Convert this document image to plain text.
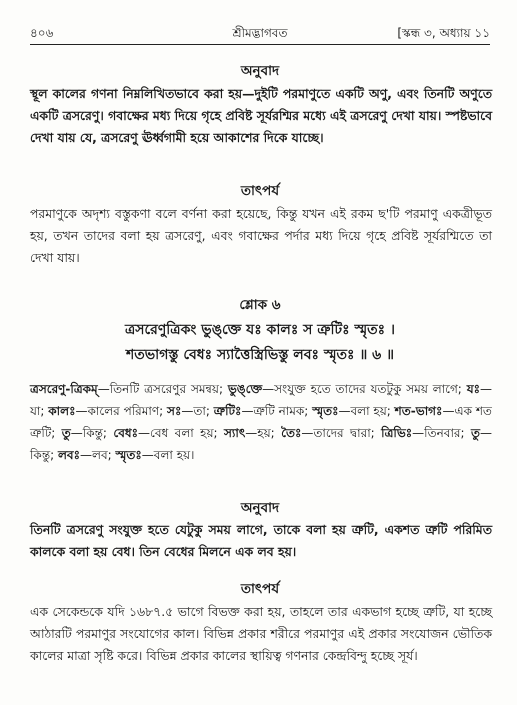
৪০৬	শ্রীমদ্ভাগবত	[স্কন্ধ ৩, অধ্যায় ১১
অনুবাদ
স্থূল কালের গণনা নিম্নলিখিতভাবে করা হয়—দুইটি পরমাণুতে একটি অণু, এবং তিনটি অণুতে একটি ত্রসরেণু। গবাক্ষের মধ্য দিয়ে গৃহে প্রবিষ্ট সূর্যরশ্মির মধ্যে এই ত্রসরেণু দেখা যায়। স্পষ্টভাবে দেখা যায় যে, ত্রসরেণু ঊর্ধ্বগামী হয়ে আকাশের দিকে যাচ্ছে।
তাৎপর্য
পরমাণুকে অদৃশ্য বস্তুকণা বলে বর্ণনা করা হয়েছে, কিন্তু যখন এই রকম ছ'টি পরমাণু একত্রীভূত হয়, তখন তাদের বলা হয় ত্রসরেণু, এবং গবাক্ষের পর্দার মধ্য দিয়ে গৃহে প্রবিষ্ট সূর্যরশ্মিতে তা দেখা যায়।
শ্লোক ৬
ত্রসরেণুত্রিকং ভুঙ্‌ক্তে যঃ কালঃ স ত্রুটিঃ স্মৃতঃ ।
শতভাগস্তু বেধঃ স্যাত্তৈস্ত্রিভিস্তু লবঃ স্মৃতঃ ॥ ৬ ॥
ত্রসরেণু-ত্রিকম্—তিনটি ত্রসরেণুর সমন্বয়; ভুঙ্‌ক্তে—সংযুক্ত হতে তাদের যতটুকু সময় লাগে; যঃ—যা; কালঃ—কালের পরিমাণ; সঃ—তা; ত্রুটিঃ—ত্রুটি নামক; স্মৃতঃ—বলা হয়; শত-ভাগঃ—এক শত ত্রুটি; তু—কিন্তু; বেধঃ—বেধ বলা হয়; স্যাৎ—হয়; তৈঃ—তাদের দ্বারা; ত্রিভিঃ—তিনবার; তু—কিন্তু; লবঃ—লব; স্মৃতঃ—বলা হয়।
অনুবাদ
তিনটি ত্রসরেণু সংযুক্ত হতে যেটুকু সময় লাগে, তাকে বলা হয় ত্রুটি, একশত ত্রুটি পরিমিত কালকে বলা হয় বেধ। তিন বেধের মিলনে এক লব হয়।
তাৎপর্য
এক সেকেন্ডকে যদি ১৬৮৭.৫ ভাগে বিভক্ত করা হয়, তাহলে তার একভাগ হচ্ছে ত্রুটি, যা হচ্ছে আঠারটি পরমাণুর সংযোগের কাল। বিভিন্ন প্রকার শরীরে পরমাণুর এই প্রকার সংযোজন ভৌতিক কালের মাত্রা সৃষ্টি করে। বিভিন্ন প্রকার কালের স্থায়িত্ব গণনার কেন্দ্রবিন্দু হচ্ছে সূর্য।
